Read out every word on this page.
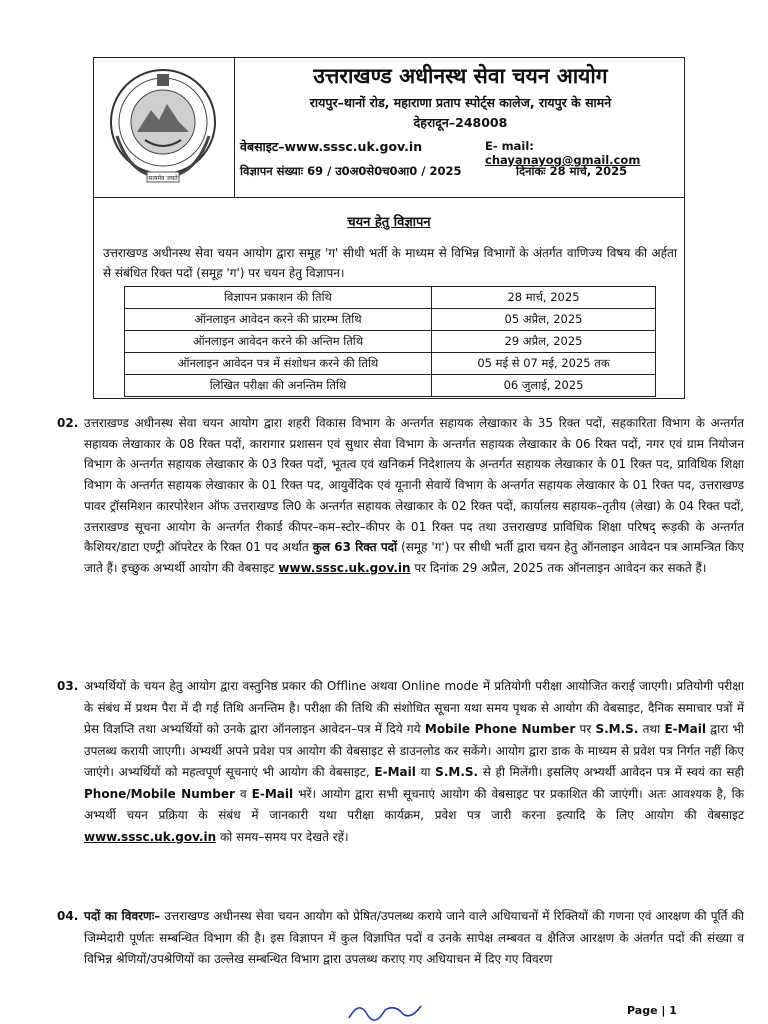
सत्यमेव जयते
उत्तराखण्ड अधीनस्थ सेवा चयन आयोग
रायपुर–थानों रोड, महाराणा प्रताप स्पोर्ट्स कालेज, रायपुर के सामने
देहरादून–248008
वेबसाइट–www.sssc.uk.gov.in	E- mail: chayanayog@gmail.com
विज्ञापन संख्याः 69 / उ0अ0से0च0आ0 / 2025	दिनांकः 28 मार्च, 2025
चयन हेतु विज्ञापन
उत्तराखण्ड अधीनस्थ सेवा चयन आयोग द्वारा समूह 'ग' सीधी भर्ती के माध्यम से विभिन्न विभागों के अंतर्गत वाणिज्य विषय की अर्हता से संबंधित रिक्त पदों (समूह 'ग') पर चयन हेतु विज्ञापन।
विज्ञापन प्रकाशन की तिथि	28 मार्च, 2025
ऑनलाइन आवेदन करने की प्रारम्भ तिथि	05 अप्रैल, 2025
ऑनलाइन आवेदन करने की अन्तिम तिथि	29 अप्रैल, 2025
ऑनलाइन आवेदन पत्र में संशोधन करने की तिथि	05 मई से 07 मई, 2025 तक
लिखित परीक्षा की अनन्तिम तिथि	06 जुलाई, 2025
02. उत्तराखण्ड अधीनस्थ सेवा चयन आयोग द्वारा शहरी विकास विभाग के अन्तर्गत सहायक लेखाकार के 35 रिक्त पदों, सहकारिता विभाग के अन्तर्गत सहायक लेखाकार के 08 रिक्त पदों, कारागार प्रशासन एवं सुधार सेवा विभाग के अन्तर्गत सहायक लेखाकार के 06 रिक्त पदों, नगर एवं ग्राम नियोजन विभाग के अन्तर्गत सहायक लेखाकार के 03 रिक्त पदों, भूतत्व एवं खनिकर्म निदेशालय के अन्तर्गत सहायक लेखाकार के 01 रिक्त पद, प्राविधिक शिक्षा विभाग के अन्तर्गत सहायक लेखाकार के 01 रिक्त पद, आयुर्वेदिक एवं यूनानी सेवायें विभाग के अन्तर्गत सहायक लेखाकार के 01 रिक्त पद, उत्तराखण्ड पावर ट्रॉसमिशन कारपोरेशन ऑफ उत्तराखण्ड लि0 के अन्तर्गत सहायक लेखाकार के 02 रिक्त पदों, कार्यालय सहायक–तृतीय (लेखा) के 04 रिक्त पदों, उत्तराखण्ड सूचना आयोग के अन्तर्गत रीकार्ड कीपर–कम–स्टोर–कीपर के 01 रिक्त पद तथा उत्तराखण्ड प्राविधिक शिक्षा परिषद् रूड़की के अन्तर्गत कैशियर/डाटा एण्ट्री ऑपरेटर के रिक्त 01 पद अर्थात कुल 63 रिक्त पदों (समूह 'ग') पर सीधी भर्ती द्वारा चयन हेतु ऑनलाइन आवेदन पत्र आमन्त्रित किए जाते हैं। इच्छुक अभ्यर्थी आयोग की वेबसाइट www.sssc.uk.gov.in पर दिनांक 29 अप्रैल, 2025 तक ऑनलाइन आवेदन कर सकते हैं।
03. अभ्यर्थियों के चयन हेतु आयोग द्वारा वस्तुनिष्ठ प्रकार की Offline अथवा Online mode में प्रतियोगी परीक्षा आयोजित कराई जाएगी। प्रतियोगी परीक्षा के संबंध में प्रथम पैरा में दी गई तिथि अनन्तिम है। परीक्षा की तिथि की संशोधित सूचना यथा समय पृथक से आयोग की वेबसाइट, दैनिक समाचार पत्रों में प्रेस विज्ञप्ति तथा अभ्यर्थियों को उनके द्वारा ऑनलाइन आवेदन–पत्र में दिये गये Mobile Phone Number पर S.M.S. तथा E-Mail द्वारा भी उपलब्ध करायी जाएगी। अभ्यर्थी अपने प्रवेश पत्र आयोग की वेबसाइट से डाउनलोड कर सकेंगे। आयोग द्वारा डाक के माध्यम से प्रवेश पत्र निर्गत नहीं किए जाएंगे। अभ्यर्थियों को महत्वपूर्ण सूचनाएं भी आयोग की वेबसाइट, E-Mail या S.M.S. से ही मिलेंगी। इसलिए अभ्यर्थी आवेदन पत्र में स्वयं का सही Phone/Mobile Number व E-Mail भरें। आयोग द्वारा सभी सूचनाएं आयोग की वेबसाइट पर प्रकाशित की जाएंगी। अतः आवश्यक है, कि अभ्यर्थी चयन प्रक्रिया के संबंध में जानकारी यथा परीक्षा कार्यक्रम, प्रवेश पत्र जारी करना इत्यादि के लिए आयोग की वेबसाइट www.sssc.uk.gov.in को समय–समय पर देखते रहें।
04. पदों का विवरणः– उत्तराखण्ड अधीनस्थ सेवा चयन आयोग को प्रेषित/उपलब्ध कराये जाने वाले अधियाचनों में रिक्तियों की गणना एवं आरक्षण की पूर्ति की जिम्मेदारी पूर्णतः सम्बन्धित विभाग की है। इस विज्ञापन में कुल विज्ञापित पदों व उनके सापेक्ष लम्बवत व क्षैतिज आरक्षण के अंतर्गत पदों की संख्या व विभिन्न श्रेणियों/उपश्रेणियों का उल्लेख सम्बन्धित विभाग द्वारा उपलब्ध कराए गए अधियाचन में दिए गए विवरण
Page | 1
